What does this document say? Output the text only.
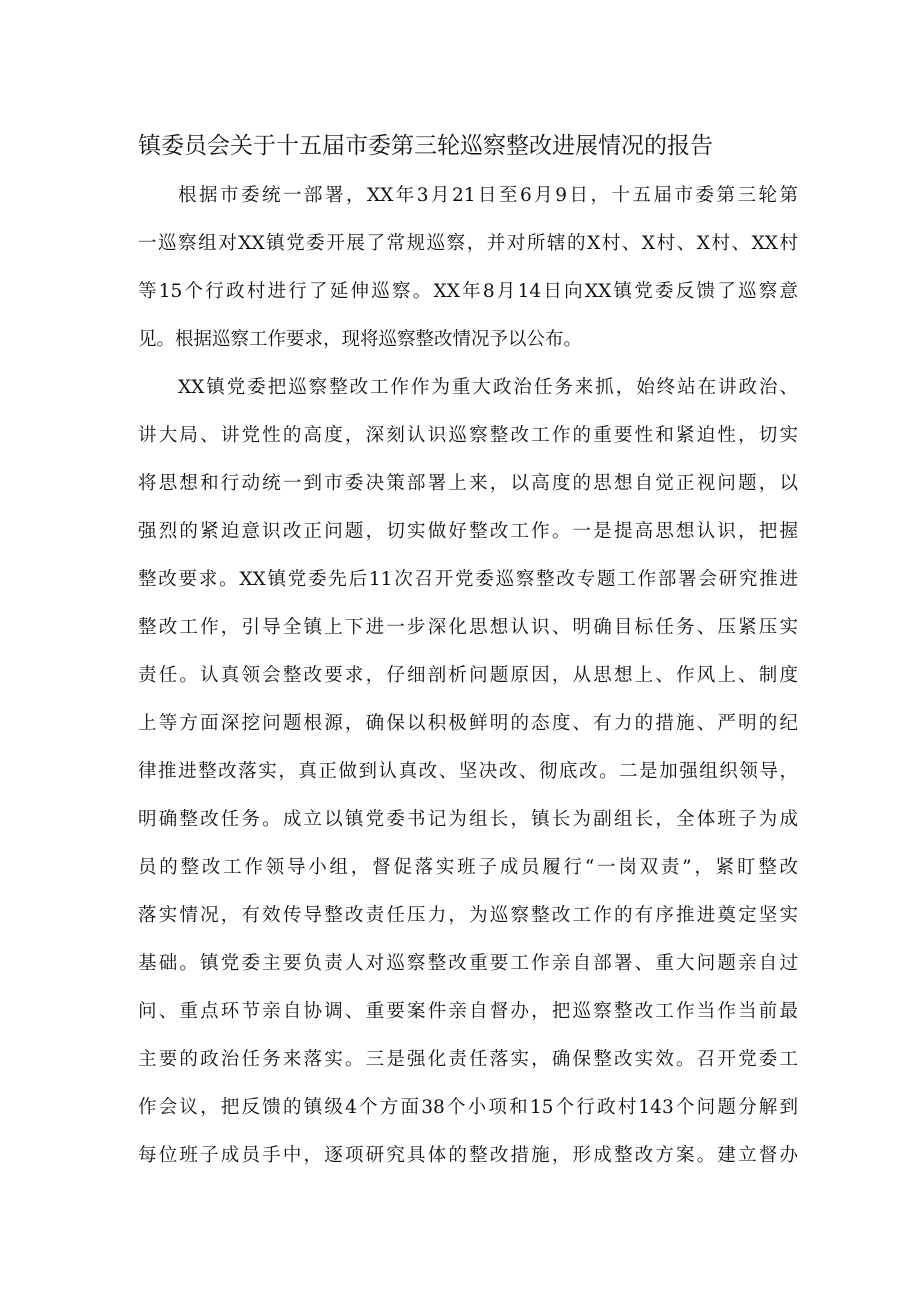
镇委员会关于十五届市委第三轮巡察整改进展情况的报告
根据市委统一部署，XX年3月21日至6月9日，十五届市委第三轮第
一巡察组对XX镇党委开展了常规巡察，并对所辖的X村、X村、X村、XX村
等15个行政村进行了延伸巡察。XX年8月14日向XX镇党委反馈了巡察意
见。根据巡察工作要求，现将巡察整改情况予以公布。
XX镇党委把巡察整改工作作为重大政治任务来抓，始终站在讲政治、
讲大局、讲党性的高度，深刻认识巡察整改工作的重要性和紧迫性，切实
将思想和行动统一到市委决策部署上来，以高度的思想自觉正视问题，以
强烈的紧迫意识改正问题，切实做好整改工作。一是提高思想认识，把握
整改要求。XX镇党委先后11次召开党委巡察整改专题工作部署会研究推进
整改工作，引导全镇上下进一步深化思想认识、明确目标任务、压紧压实
责任。认真领会整改要求，仔细剖析问题原因，从思想上、作风上、制度
上等方面深挖问题根源，确保以积极鲜明的态度、有力的措施、严明的纪
律推进整改落实，真正做到认真改、坚决改、彻底改。二是加强组织领导，
明确整改任务。成立以镇党委书记为组长，镇长为副组长，全体班子为成
员的整改工作领导小组，督促落实班子成员履行“一岗双责”，紧盯整改
落实情况，有效传导整改责任压力，为巡察整改工作的有序推进奠定坚实
基础。镇党委主要负责人对巡察整改重要工作亲自部署、重大问题亲自过
问、重点环节亲自协调、重要案件亲自督办，把巡察整改工作当作当前最
主要的政治任务来落实。三是强化责任落实，确保整改实效。召开党委工
作会议，把反馈的镇级4个方面38个小项和15个行政村143个问题分解到
每位班子成员手中，逐项研究具体的整改措施，形成整改方案。建立督办
